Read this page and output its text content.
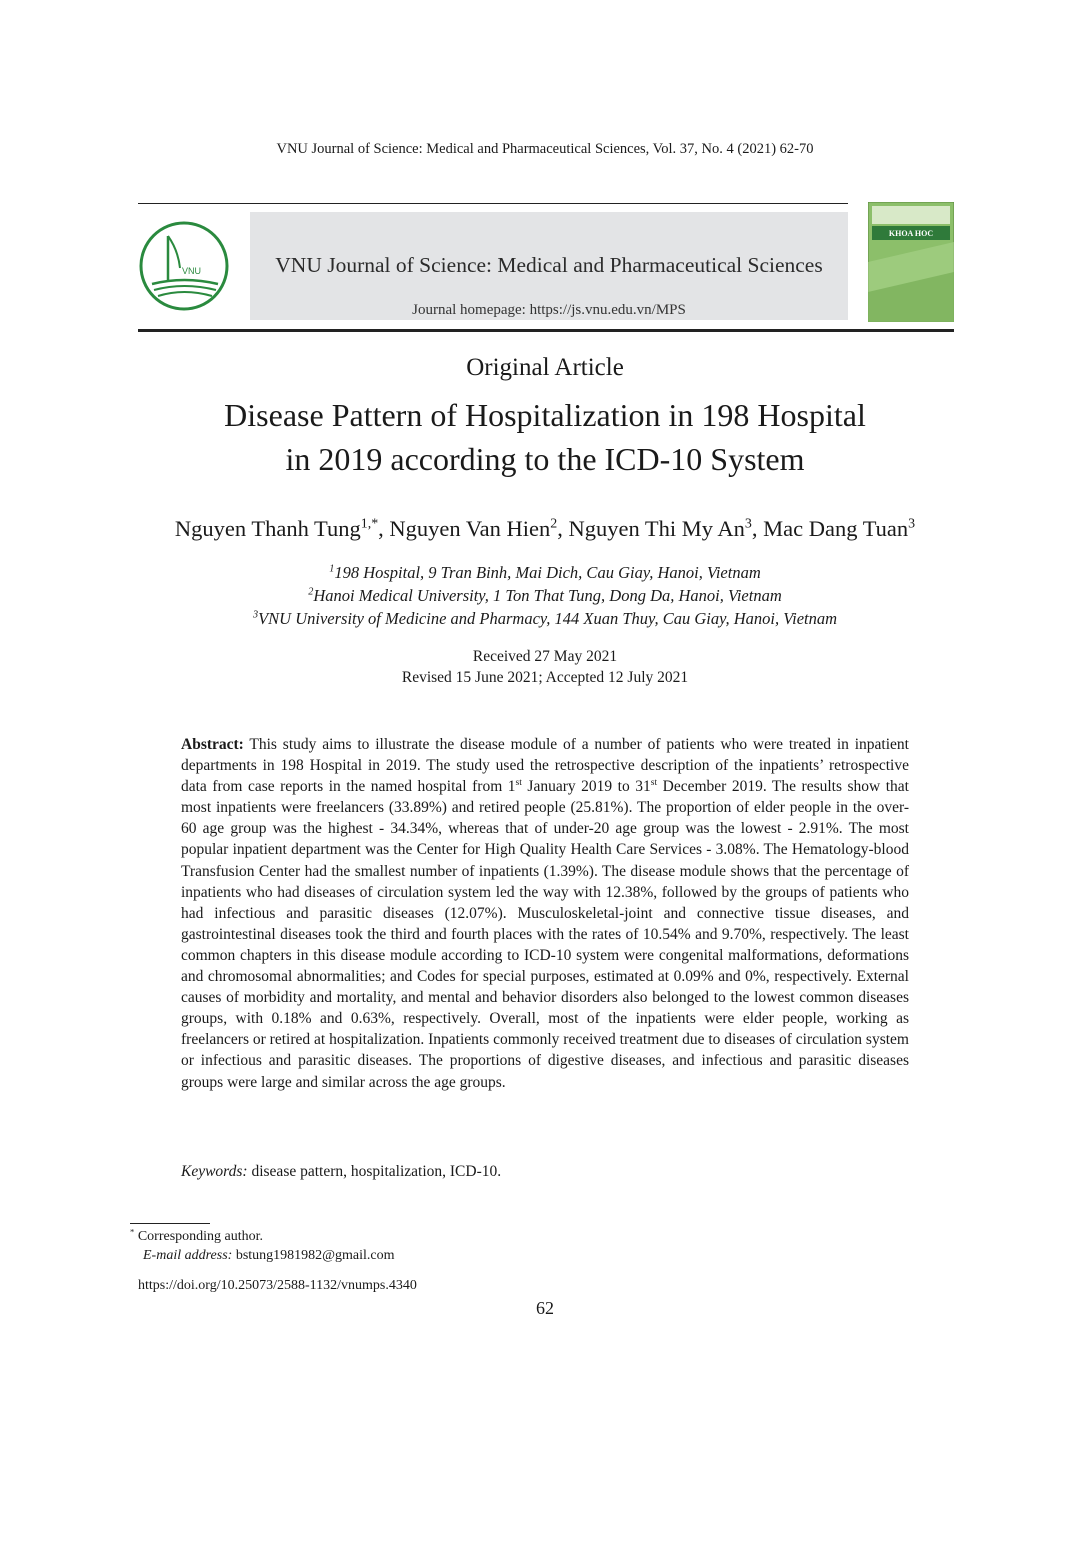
VNU Journal of Science: Medical and Pharmaceutical Sciences, Vol. 37, No. 4 (2021) 62-70
VNU	VNU Journal of Science: Medical and Pharmaceutical Sciences
Journal homepage: https://js.vnu.edu.vn/MPS
KHOA HOC
Original Article
Disease Pattern of Hospitalization in 198 Hospital
in 2019 according to the ICD-10 System
Nguyen Thanh Tung$^{1,*}$, Nguyen Van Hien$^2$, Nguyen Thi My An$^3$, Mac Dang Tuan$^3$
$^1$198 Hospital, 9 Tran Binh, Mai Dich, Cau Giay, Hanoi, Vietnam
$^2$Hanoi Medical University, 1 Ton That Tung, Dong Da, Hanoi, Vietnam
$^3$VNU University of Medicine and Pharmacy, 144 Xuan Thuy, Cau Giay, Hanoi, Vietnam
Received 27 May 2021
Revised 15 June 2021; Accepted 12 July 2021
Abstract: This study aims to illustrate the disease module of a number of patients who were treated in inpatient departments in 198 Hospital in 2019. The study used the retrospective description of the inpatients’ retrospective data from case reports in the named hospital from 1st January 2019 to 31st December 2019. The results show that most inpatients were freelancers (33.89%) and retired people (25.81%). The proportion of elder people in the over-60 age group was the highest - 34.34%, whereas that of under-20 age group was the lowest - 2.91%. The most popular inpatient department was the Center for High Quality Health Care Services - 3.08%. The Hematology-blood Transfusion Center had the smallest number of inpatients (1.39%). The disease module shows that the percentage of inpatients who had diseases of circulation system led the way with 12.38%, followed by the groups of patients who had infectious and parasitic diseases (12.07%). Musculoskeletal-joint and connective tissue diseases, and gastrointestinal diseases took the third and fourth places with the rates of 10.54% and 9.70%, respectively. The least common chapters in this disease module according to ICD-10 system were congenital malformations, deformations and chromosomal abnormalities; and Codes for special purposes, estimated at 0.09% and 0%, respectively. External causes of morbidity and mortality, and mental and behavior disorders also belonged to the lowest common diseases groups, with 0.18% and 0.63%, respectively. Overall, most of the inpatients were elder people, working as freelancers or retired at hospitalization. Inpatients commonly received treatment due to diseases of circulation system or infectious and parasitic diseases. The proportions of digestive diseases, and infectious and parasitic diseases groups were large and similar across the age groups.
Keywords: disease pattern, hospitalization, ICD-10.
* Corresponding author.
E-mail address: bstung1981982@gmail.com
https://doi.org/10.25073/2588-1132/vnumps.4340
62
